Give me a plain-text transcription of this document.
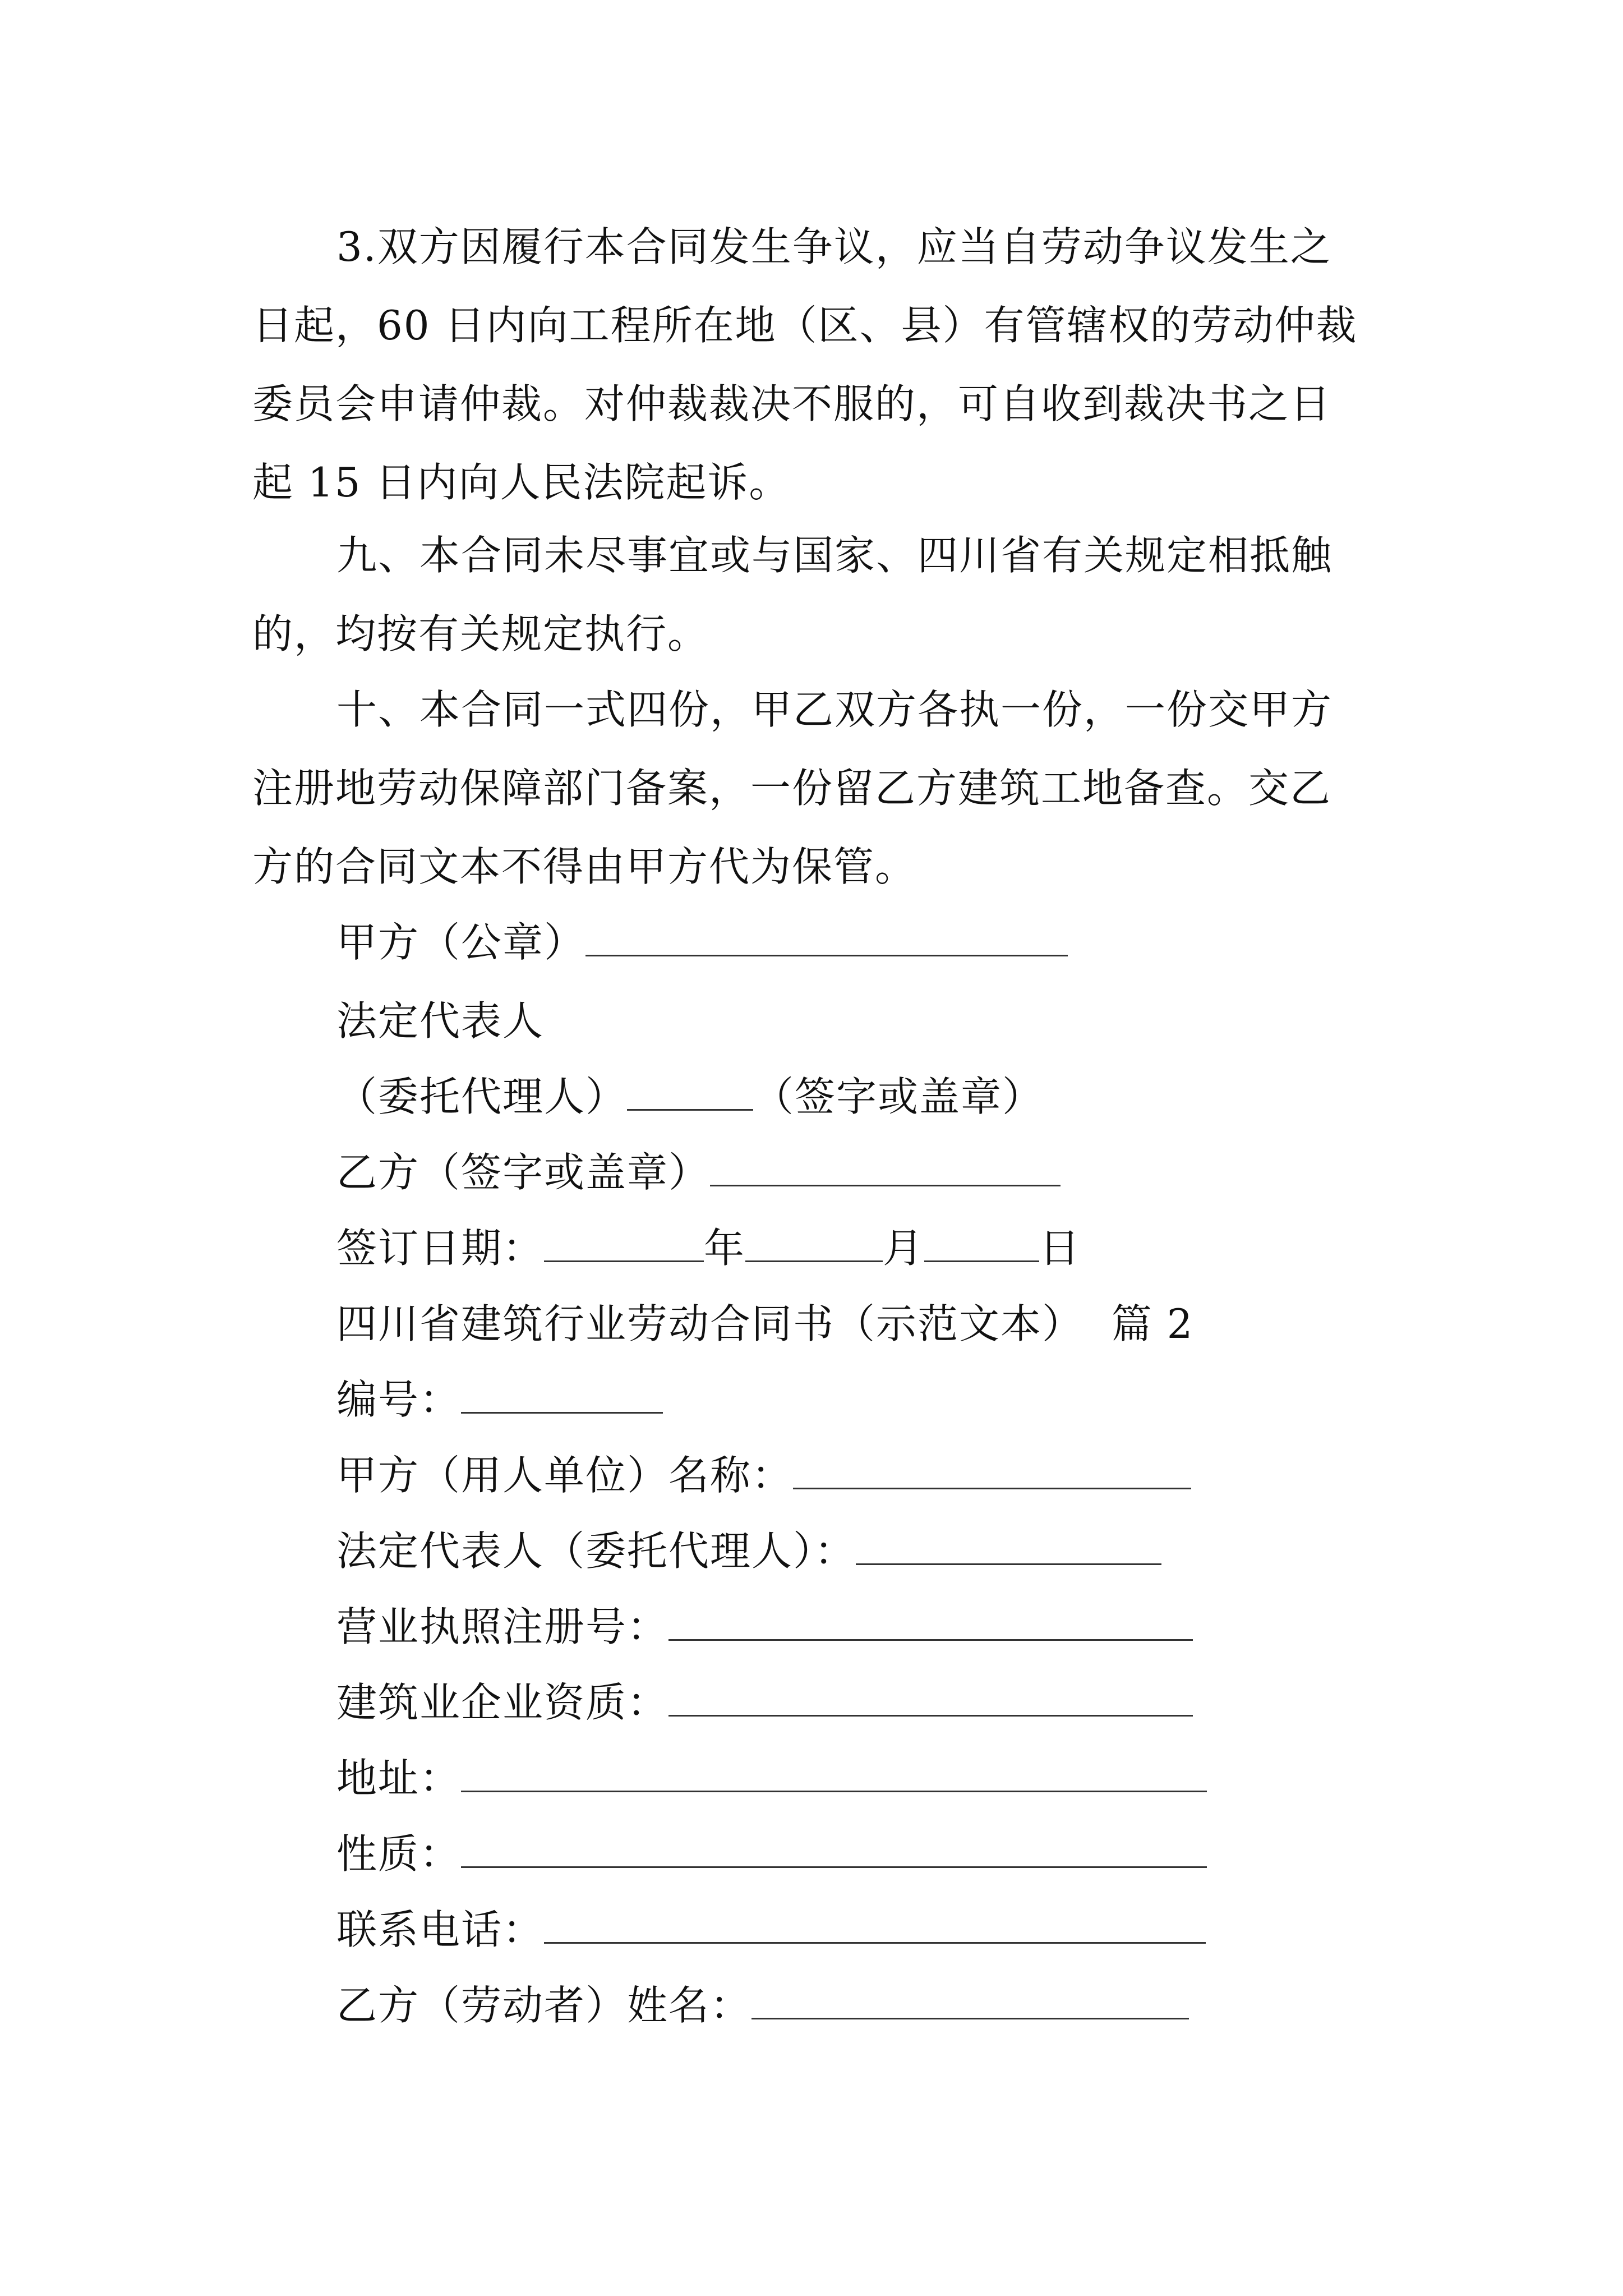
3.双方因履行本合同发生争议，应当自劳动争议发生之
日起，60 日内向工程所在地（区、县）有管辖权的劳动仲裁
委员会申请仲裁。对仲裁裁决不服的，可自收到裁决书之日
起 15 日内向人民法院起诉。
九、本合同未尽事宜或与国家、四川省有关规定相抵触
的，均按有关规定执行。
十、本合同一式四份，甲乙双方各执一份，一份交甲方
注册地劳动保障部门备案，一份留乙方建筑工地备查。交乙
方的合同文本不得由甲方代为保管。
甲方（公章）
法定代表人
（委托代理人）	（签字或盖章）
乙方（签字或盖章）
签订日期：	年	月	日
四川省建筑行业劳动合同书（示范文本）  篇 2
编号：
甲方（用人单位）名称：
法定代表人（委托代理人）：
营业执照注册号：
建筑业企业资质：
地址：
性质：
联系电话：
乙方（劳动者）姓名：
